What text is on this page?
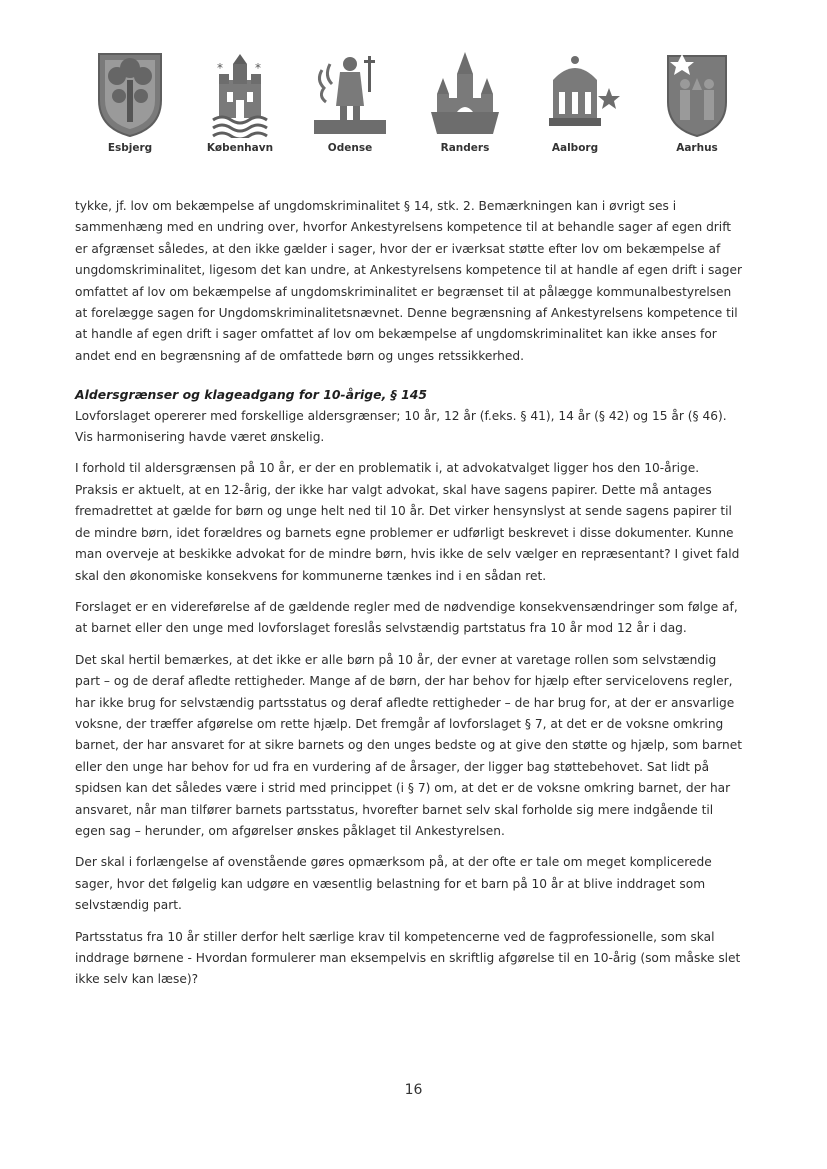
Esbjerg
*	*
København	Odense	Randers	Aalborg	Aarhus

tykke, jf. lov om bekæmpelse af ungdomskriminalitet § 14, stk. 2. Bemærkningen kan i øvrigt ses i sammenhæng med en undring over, hvorfor Ankestyrelsens kompetence til at behandle sager af egen drift er afgrænset således, at den ikke gælder i sager, hvor der er iværksat støtte efter lov om bekæmpelse af ungdomskriminalitet, ligesom det kan undre, at Ankestyrelsens kompetence til at handle af egen drift i sager omfattet af lov om bekæmpelse af ungdomskriminalitet er begrænset til at pålægge kommunalbestyrelsen at forelægge sagen for Ungdomskriminalitetsnævnet. Denne begrænsning af Ankestyrelsens kompetence til at handle af egen drift i sager omfattet af lov om bekæmpelse af ungdomskriminalitet kan ikke anses for andet end en begrænsning af de omfattede børn og unges retssikkerhed.

Aldersgrænser og klageadgang for 10-årige, § 145

Lovforslaget opererer med forskellige aldersgrænser; 10 år, 12 år (f.eks. § 41), 14 år (§ 42) og 15 år (§ 46). Vis harmonisering havde været ønskelig.

I forhold til aldersgrænsen på 10 år, er der en problematik i, at advokatvalget ligger hos den 10-årige. Praksis er aktuelt, at en 12-årig, der ikke har valgt advokat, skal have sagens papirer. Dette må antages fremadrettet at gælde for børn og unge helt ned til 10 år. Det virker hensynslyst at sende sagens papirer til de mindre børn, idet forældres og barnets egne problemer er udførligt beskrevet i disse dokumenter. Kunne man overveje at beskikke advokat for de mindre børn, hvis ikke de selv vælger en repræsentant? I givet fald skal den økonomiske konsekvens for kommunerne tænkes ind i en sådan ret.

Forslaget er en videreførelse af de gældende regler med de nødvendige konsekvensændringer som følge af, at barnet eller den unge med lovforslaget foreslås selvstændig partstatus fra 10 år mod 12 år i dag.

Det skal hertil bemærkes, at det ikke er alle børn på 10 år, der evner at varetage rollen som selvstændig part – og de deraf afledte rettigheder. Mange af de børn, der har behov for hjælp efter servicelovens regler, har ikke brug for selvstændig partsstatus og deraf afledte rettigheder – de har brug for, at der er ansvarlige voksne, der træffer afgørelse om rette hjælp. Det fremgår af lovforslaget § 7, at det er de voksne omkring barnet, der har ansvaret for at sikre barnets og den unges bedste og at give den støtte og hjælp, som barnet eller den unge har behov for ud fra en vurdering af de årsager, der ligger bag støttebehovet. Sat lidt på spidsen kan det således være i strid med princippet (i § 7) om, at det er de voksne omkring barnet, der har ansvaret, når man tilfører barnets partsstatus, hvorefter barnet selv skal forholde sig mere indgående til egen sag – herunder, om afgørelser ønskes påklaget til Ankestyrelsen.

Der skal i forlængelse af ovenstående gøres opmærksom på, at der ofte er tale om meget komplicerede sager, hvor det følgelig kan udgøre en væsentlig belastning for et barn på 10 år at blive inddraget som selvstændig part.

Partsstatus fra 10 år stiller derfor helt særlige krav til kompetencerne ved de fagprofessionelle, som skal inddrage børnene - Hvordan formulerer man eksempelvis en skriftlig afgørelse til en 10-årig (som måske slet ikke selv kan læse)?

16
